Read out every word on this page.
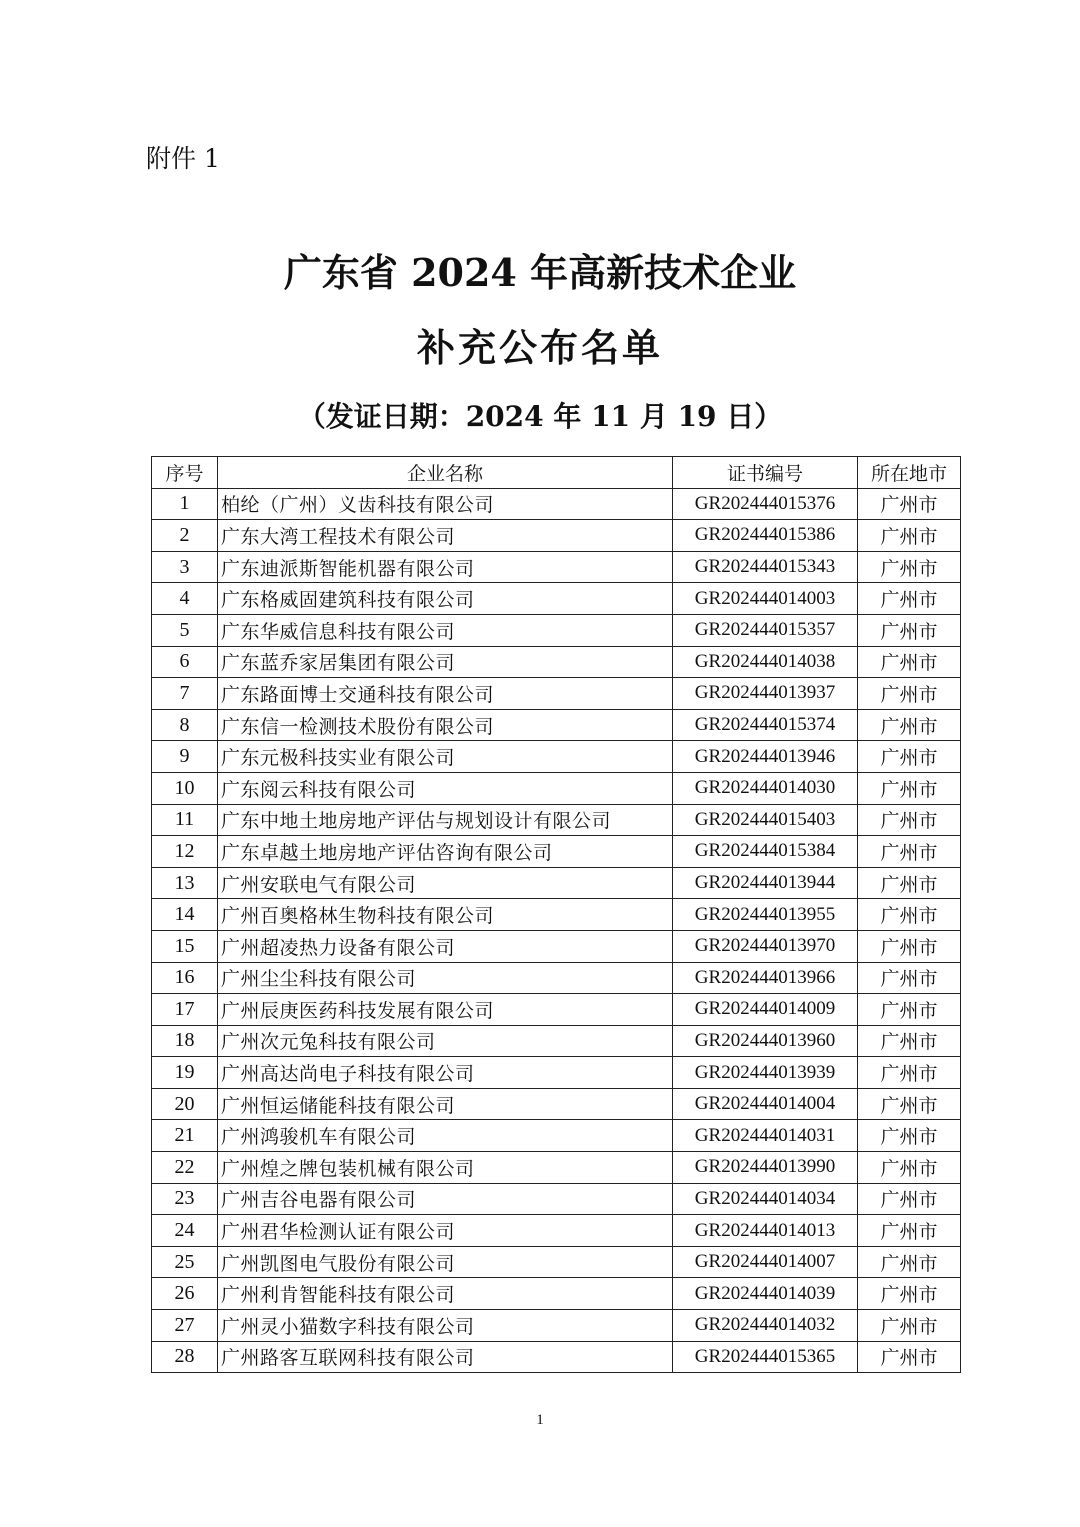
附件 1
广东省 2024 年高新技术企业
补充公布名单
（发证日期：2024 年 11 月 19 日）
序号	企业名称	证书编号	所在地市
1	柏纶（广州）义齿科技有限公司	GR202444015376	广州市
2	广东大湾工程技术有限公司	GR202444015386	广州市
3	广东迪派斯智能机器有限公司	GR202444015343	广州市
4	广东格威固建筑科技有限公司	GR202444014003	广州市
5	广东华威信息科技有限公司	GR202444015357	广州市
6	广东蓝乔家居集团有限公司	GR202444014038	广州市
7	广东路面博士交通科技有限公司	GR202444013937	广州市
8	广东信一检测技术股份有限公司	GR202444015374	广州市
9	广东元极科技实业有限公司	GR202444013946	广州市
10	广东阅云科技有限公司	GR202444014030	广州市
11	广东中地土地房地产评估与规划设计有限公司	GR202444015403	广州市
12	广东卓越土地房地产评估咨询有限公司	GR202444015384	广州市
13	广州安联电气有限公司	GR202444013944	广州市
14	广州百奥格林生物科技有限公司	GR202444013955	广州市
15	广州超凌热力设备有限公司	GR202444013970	广州市
16	广州尘尘科技有限公司	GR202444013966	广州市
17	广州辰庚医药科技发展有限公司	GR202444014009	广州市
18	广州次元兔科技有限公司	GR202444013960	广州市
19	广州高达尚电子科技有限公司	GR202444013939	广州市
20	广州恒运储能科技有限公司	GR202444014004	广州市
21	广州鸿骏机车有限公司	GR202444014031	广州市
22	广州煌之牌包装机械有限公司	GR202444013990	广州市
23	广州吉谷电器有限公司	GR202444014034	广州市
24	广州君华检测认证有限公司	GR202444014013	广州市
25	广州凯图电气股份有限公司	GR202444014007	广州市
26	广州利肯智能科技有限公司	GR202444014039	广州市
27	广州灵小猫数字科技有限公司	GR202444014032	广州市
28	广州路客互联网科技有限公司	GR202444015365	广州市
1
